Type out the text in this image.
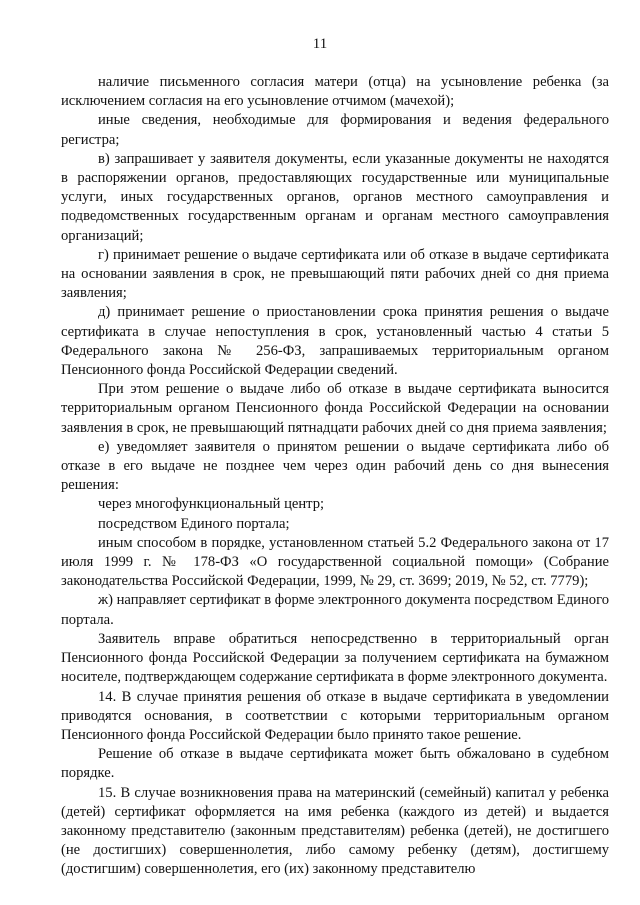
11

наличие письменного согласия матери (отца) на усыновление ребенка (за исключением согласия на его усыновление отчимом (мачехой);

иные сведения, необходимые для формирования и ведения федерального регистра;

в) запрашивает у заявителя документы, если указанные документы не находятся в распоряжении органов, предоставляющих государственные или муниципальные услуги, иных государственных органов, органов местного самоуправления и подведомственных государственным органам и органам местного самоуправления организаций;

г) принимает решение о выдаче сертификата или об отказе в выдаче сертификата на основании заявления в срок, не превышающий пяти рабочих дней со дня приема заявления;

д) принимает решение о приостановлении срока принятия решения о выдаче сертификата в случае непоступления в срок, установленный частью 4 статьи 5 Федерального закона № 256-ФЗ, запрашиваемых территориальным органом Пенсионного фонда Российской Федерации сведений.

При этом решение о выдаче либо об отказе в выдаче сертификата выносится территориальным органом Пенсионного фонда Российской Федерации на основании заявления в срок, не превышающий пятнадцати рабочих дней со дня приема заявления;

е) уведомляет заявителя о принятом решении о выдаче сертификата либо об отказе в его выдаче не позднее чем через один рабочий день со дня вынесения решения:

через многофункциональный центр;

посредством Единого портала;

иным способом в порядке, установленном статьей 5.2 Федерального закона от 17 июля 1999 г. № 178-ФЗ «О государственной социальной помощи» (Собрание законодательства Российской Федерации, 1999, № 29, ст. 3699; 2019, № 52, ст. 7779);

ж) направляет сертификат в форме электронного документа посредством Единого портала.

Заявитель вправе обратиться непосредственно в территориальный орган Пенсионного фонда Российской Федерации за получением сертификата на бумажном носителе, подтверждающем содержание сертификата в форме электронного документа.

14. В случае принятия решения об отказе в выдаче сертификата в уведомлении приводятся основания, в соответствии с которыми территориальным органом Пенсионного фонда Российской Федерации было принято такое решение.

Решение об отказе в выдаче сертификата может быть обжаловано в судебном порядке.

15. В случае возникновения права на материнский (семейный) капитал у ребенка (детей) сертификат оформляется на имя ребенка (каждого из детей) и выдается законному представителю (законным представителям) ребенка (детей), не достигшего (не достигших) совершеннолетия, либо самому ребенку (детям), достигшему (достигшим) совершеннолетия, его (их) законному представителю
